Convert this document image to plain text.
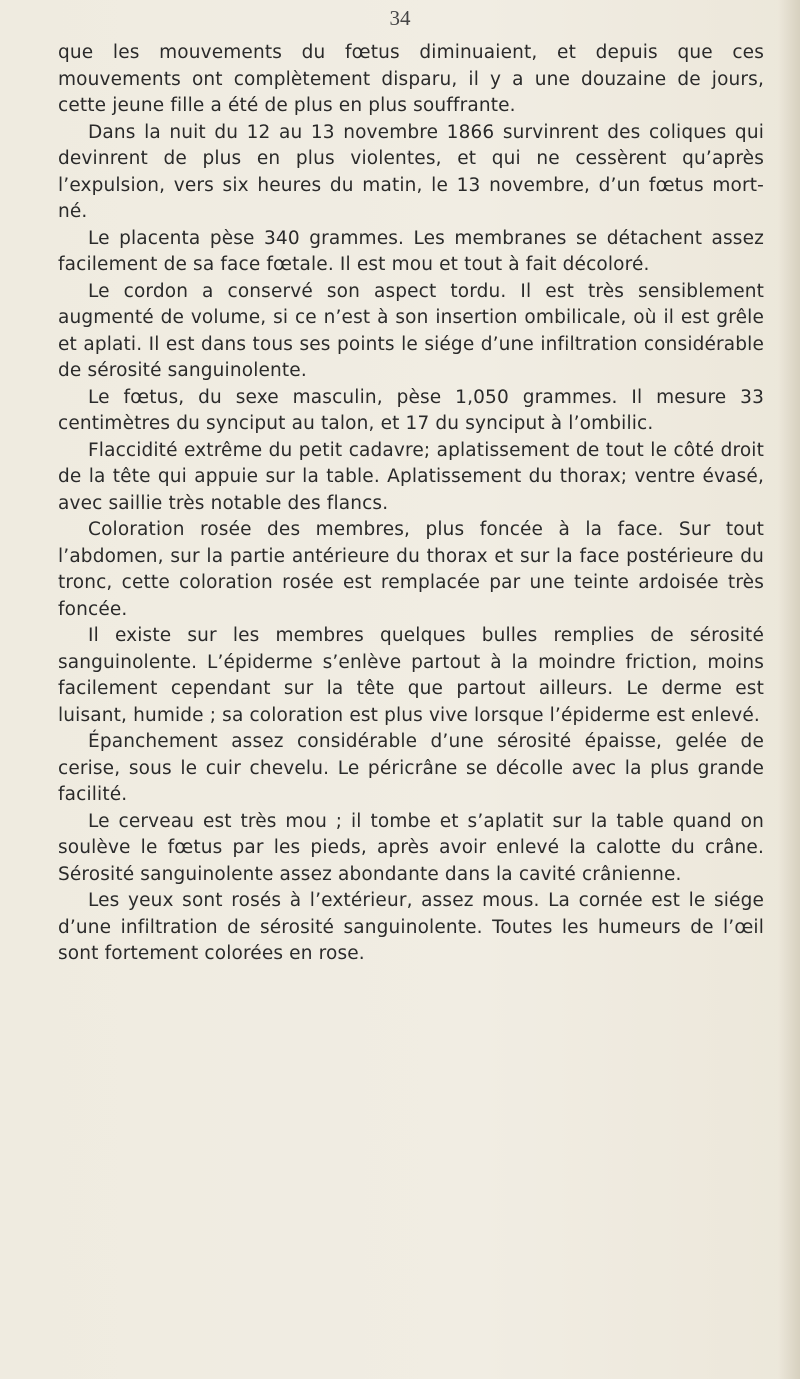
34

que les mouvements du fœtus diminuaient, et depuis que ces mouvements ont complètement disparu, il y a une douzaine de jours, cette jeune fille a été de plus en plus souffrante.

Dans la nuit du 12 au 13 novembre 1866 survinrent des coliques qui devinrent de plus en plus violentes, et qui ne cessèrent qu’après l’expulsion, vers six heures du matin, le 13 novembre, d’un fœtus mort-né.

Le placenta pèse 340 grammes. Les membranes se détachent assez facilement de sa face fœtale. Il est mou et tout à fait décoloré.

Le cordon a conservé son aspect tordu. Il est très sensiblement augmenté de volume, si ce n’est à son insertion ombilicale, où il est grêle et aplati. Il est dans tous ses points le siége d’une infiltration considérable de sérosité sanguinolente.

Le fœtus, du sexe masculin, pèse 1,050 grammes. Il mesure 33 centimètres du synciput au talon, et 17 du synciput à l’ombilic.

Flaccidité extrême du petit cadavre; aplatissement de tout le côté droit de la tête qui appuie sur la table. Aplatissement du thorax; ventre évasé, avec saillie très notable des flancs.

Coloration rosée des membres, plus foncée à la face. Sur tout l’abdomen, sur la partie antérieure du thorax et sur la face postérieure du tronc, cette coloration rosée est remplacée par une teinte ardoisée très foncée.

Il existe sur les membres quelques bulles remplies de sérosité sanguinolente. L’épiderme s’enlève partout à la moindre friction, moins facilement cependant sur la tête que partout ailleurs. Le derme est luisant, humide ; sa coloration est plus vive lorsque l’épiderme est enlevé.

Épanchement assez considérable d’une sérosité épaisse, gelée de cerise, sous le cuir chevelu. Le péricrâne se décolle avec la plus grande facilité.

Le cerveau est très mou ; il tombe et s’aplatit sur la table quand on soulève le fœtus par les pieds, après avoir enlevé la calotte du crâne. Sérosité sanguinolente assez abondante dans la cavité crânienne.

Les yeux sont rosés à l’extérieur, assez mous. La cornée est le siége d’une infiltration de sérosité sanguinolente. Toutes les humeurs de l’œil sont fortement colorées en rose.
